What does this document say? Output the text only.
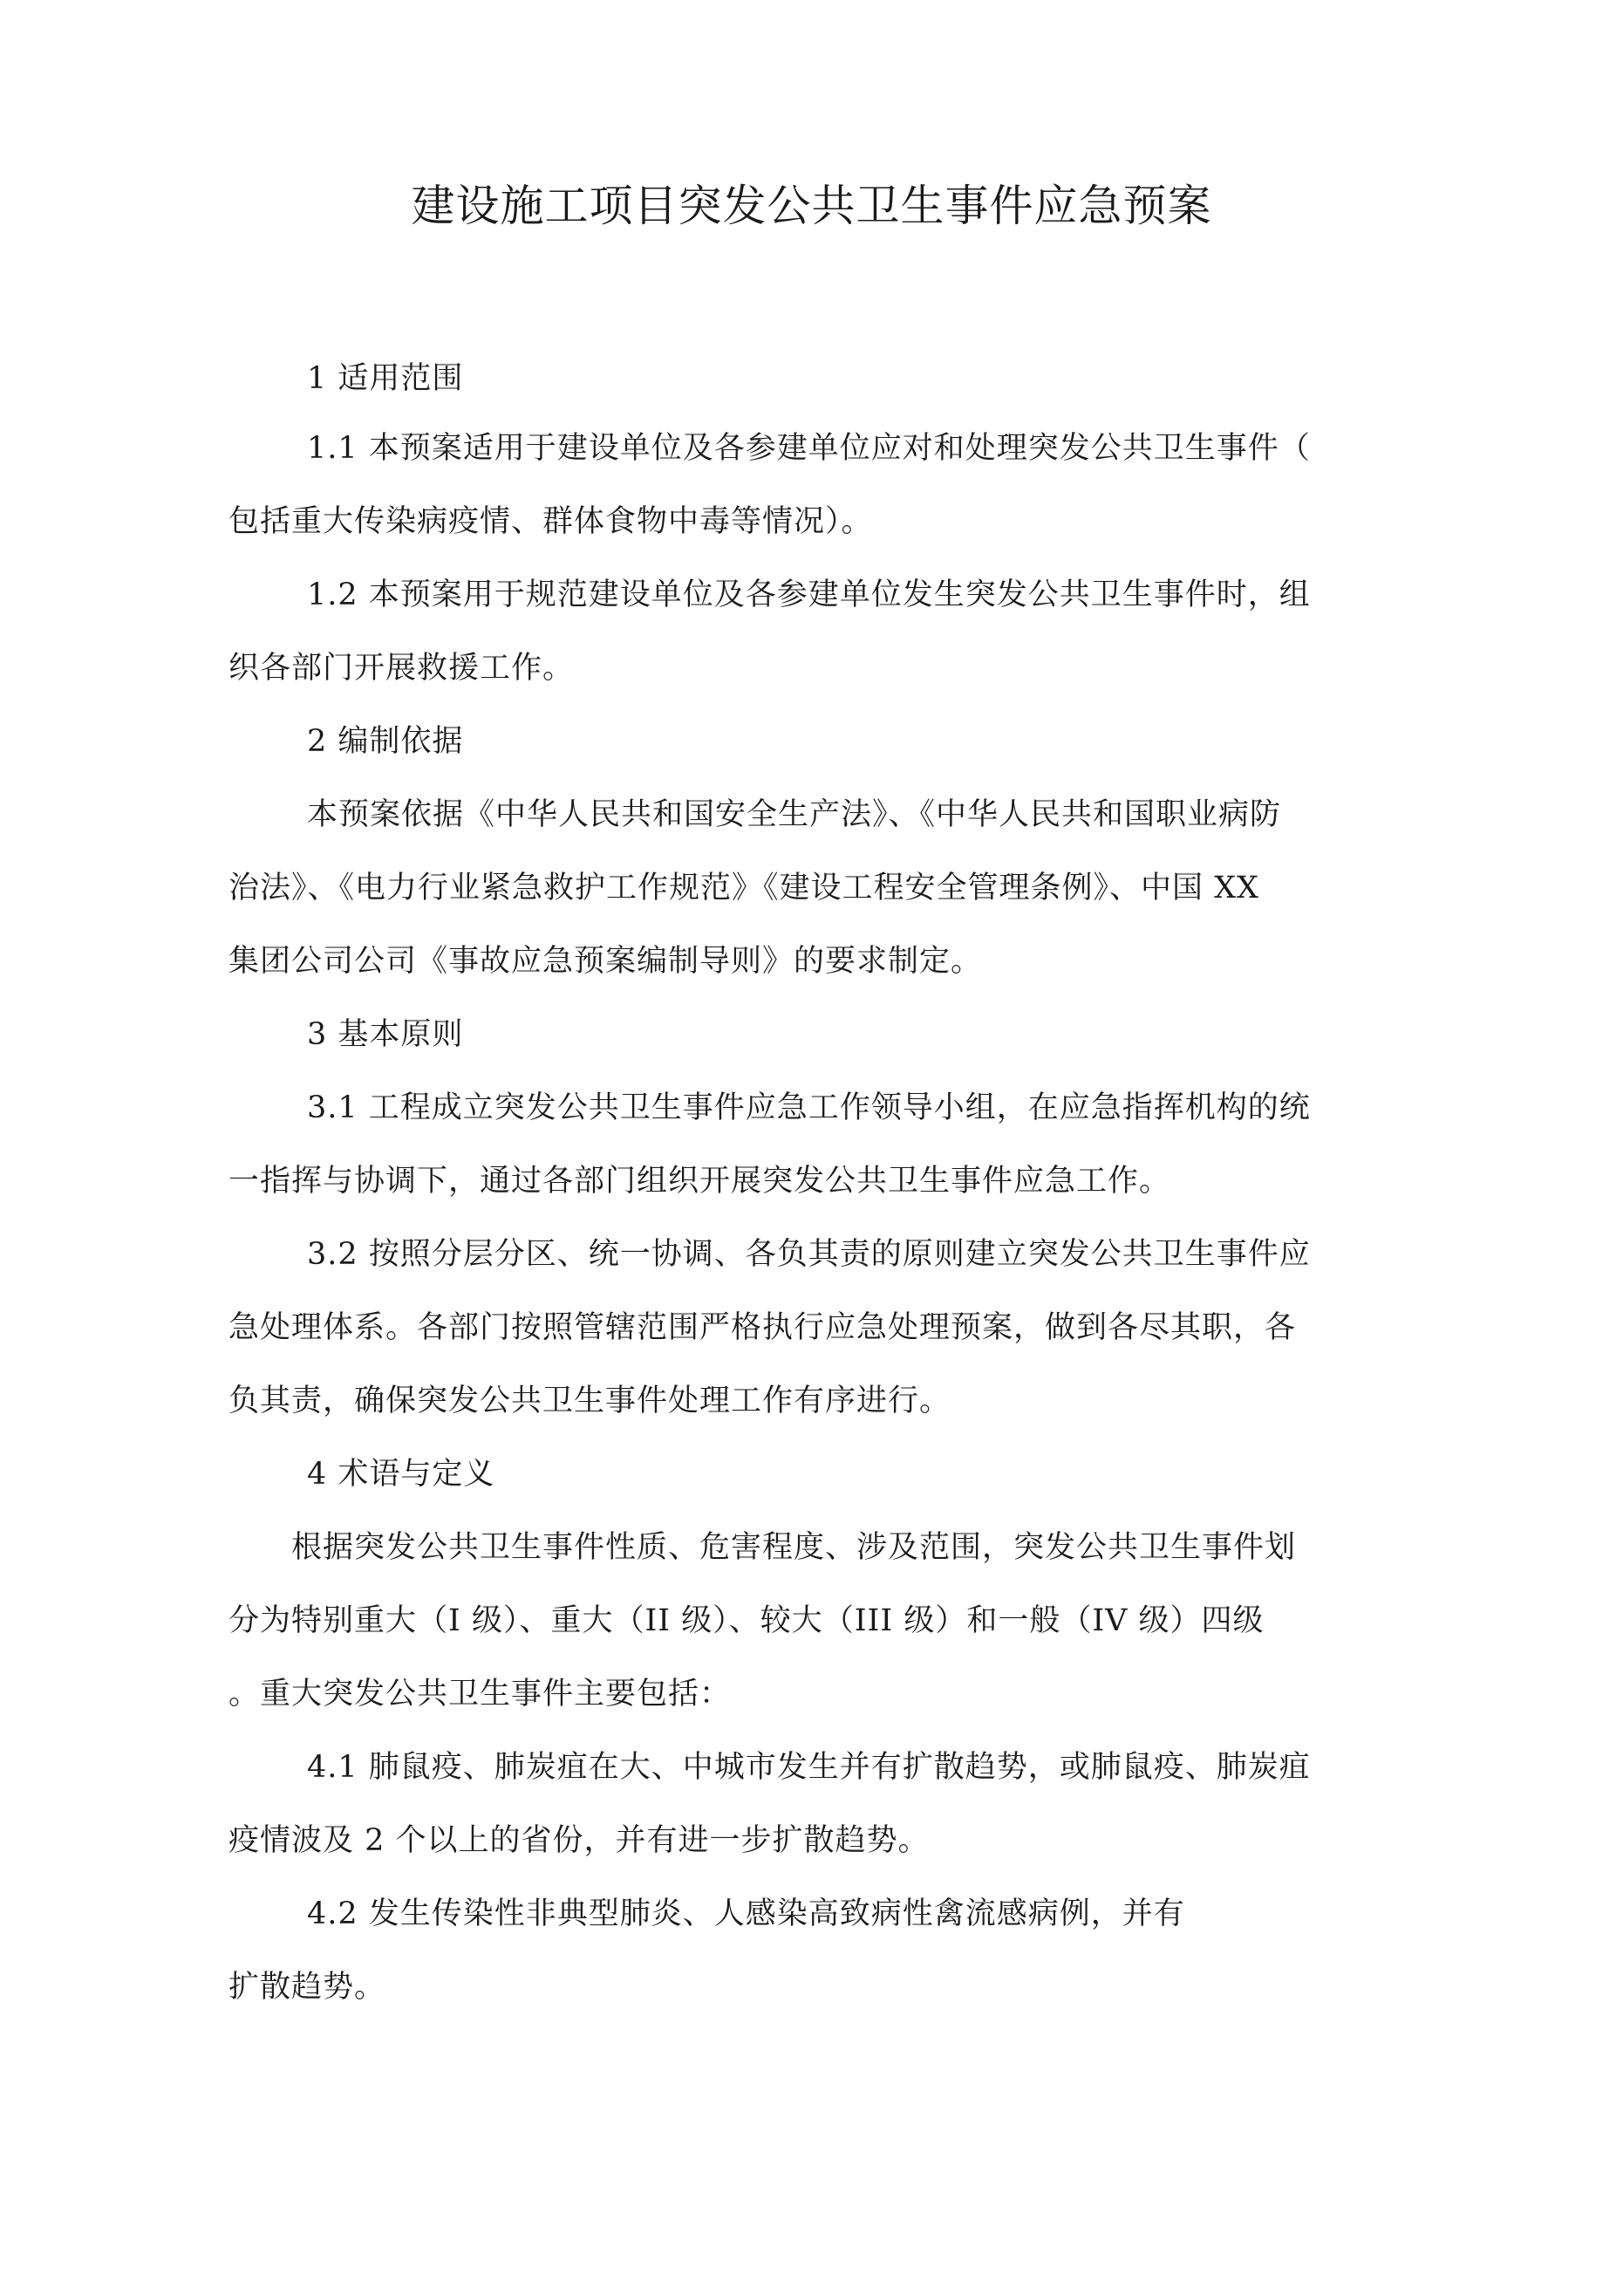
建设施工项目突发公共卫生事件应急预案

1 适用范围

1.1 本预案适用于建设单位及各参建单位应对和处理突发公共卫生事件（

包括重大传染病疫情、群体食物中毒等情况）。

1.2 本预案用于规范建设单位及各参建单位发生突发公共卫生事件时，组

织各部门开展救援工作。

2 编制依据

本预案依据《中华人民共和国安全生产法》、《中华人民共和国职业病防

治法》、《电力行业紧急救护工作规范》《建设工程安全管理条例》、中国 XX

集团公司公司《事故应急预案编制导则》的要求制定。

3 基本原则

3.1 工程成立突发公共卫生事件应急工作领导小组，在应急指挥机构的统

一指挥与协调下，通过各部门组织开展突发公共卫生事件应急工作。

3.2 按照分层分区、统一协调、各负其责的原则建立突发公共卫生事件应

急处理体系。各部门按照管辖范围严格执行应急处理预案，做到各尽其职，各

负其责，确保突发公共卫生事件处理工作有序进行。

4 术语与定义

根据突发公共卫生事件性质、危害程度、涉及范围，突发公共卫生事件划

分为特别重大（I 级）、重大（II 级）、较大（III 级）和一般（IV 级）四级

。重大突发公共卫生事件主要包括：

4.1 肺鼠疫、肺炭疽在大、中城市发生并有扩散趋势，或肺鼠疫、肺炭疽

疫情波及 2 个以上的省份，并有进一步扩散趋势。

4.2 发生传染性非典型肺炎、人感染高致病性禽流感病例，并有

扩散趋势。
